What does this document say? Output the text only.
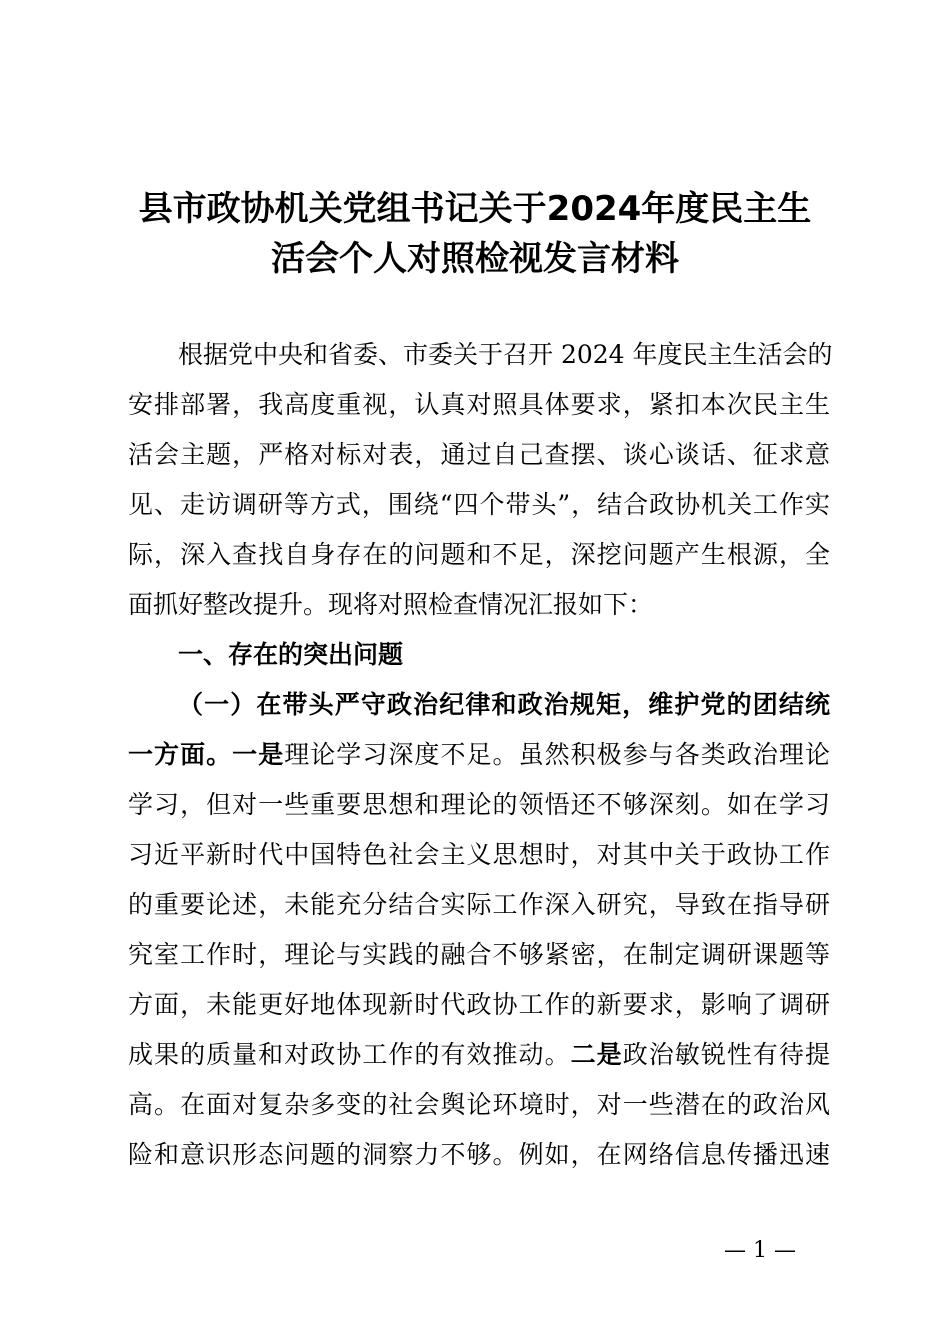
县市政协机关党组书记关于2024年度民主生
活会个人对照检视发言材料
根据党中央和省委、市委关于召开 2024 年度民主生活会的
安排部署，我高度重视，认真对照具体要求，紧扣本次民主生
活会主题，严格对标对表，通过自己查摆、谈心谈话、征求意
见、走访调研等方式，围绕“四个带头”，结合政协机关工作实
际，深入查找自身存在的问题和不足，深挖问题产生根源，全
面抓好整改提升。现将对照检查情况汇报如下：
一、存在的突出问题
（一）在带头严守政治纪律和政治规矩，维护党的团结统
一方面。一是理论学习深度不足。虽然积极参与各类政治理论
学习，但对一些重要思想和理论的领悟还不够深刻。如在学习
习近平新时代中国特色社会主义思想时，对其中关于政协工作
的重要论述，未能充分结合实际工作深入研究，导致在指导研
究室工作时，理论与实践的融合不够紧密，在制定调研课题等
方面，未能更好地体现新时代政协工作的新要求，影响了调研
成果的质量和对政协工作的有效推动。二是政治敏锐性有待提
高。在面对复杂多变的社会舆论环境时，对一些潜在的政治风
险和意识形态问题的洞察力不够。例如，在网络信息传播迅速
— 1 —
